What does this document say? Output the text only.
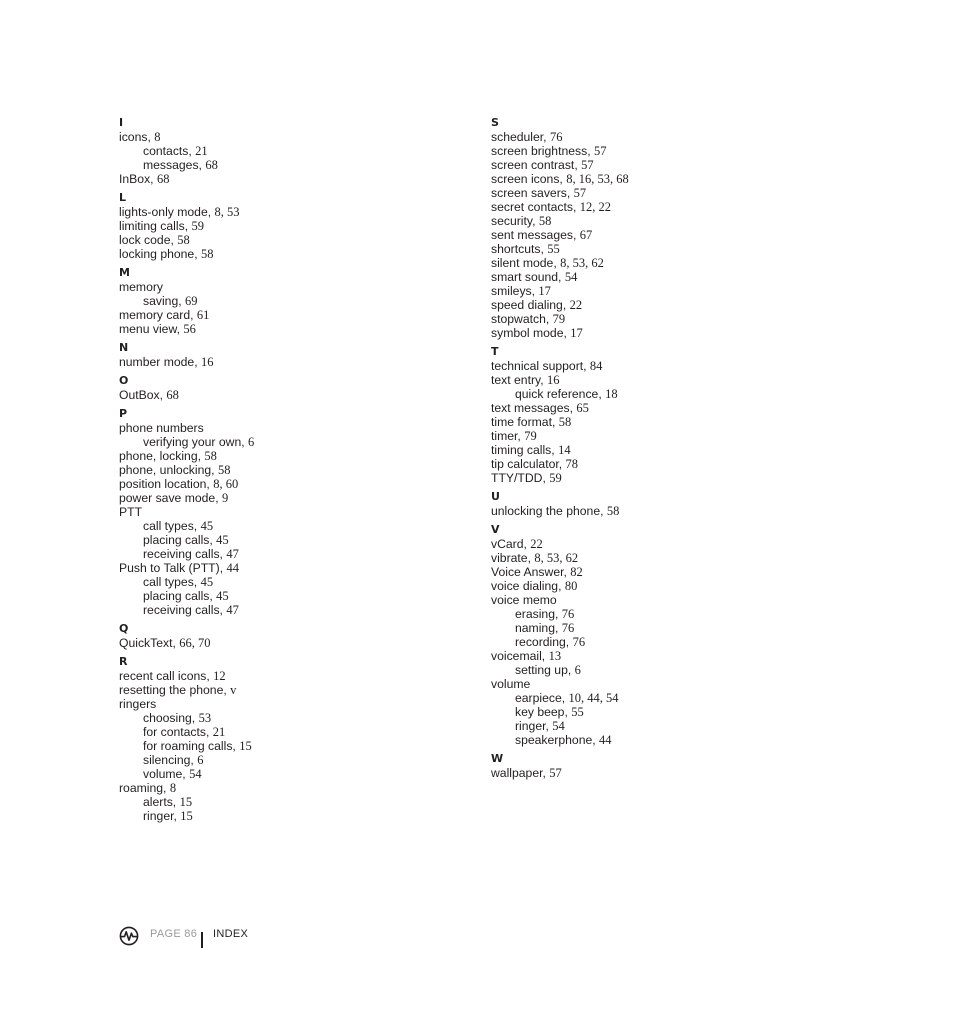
I
icons, 8
contacts, 21
messages, 68
InBox, 68
L
lights-only mode, 8, 53
limiting calls, 59
lock code, 58
locking phone, 58
M
memory
saving, 69
memory card, 61
menu view, 56
N
number mode, 16
O
OutBox, 68
P
phone numbers
verifying your own, 6
phone, locking, 58
phone, unlocking, 58
position location, 8, 60
power save mode, 9
PTT
call types, 45
placing calls, 45
receiving calls, 47
Push to Talk (PTT), 44
call types, 45
placing calls, 45
receiving calls, 47
Q
QuickText, 66, 70
R
recent call icons, 12
resetting the phone, v
ringers
choosing, 53
for contacts, 21
for roaming calls, 15
silencing, 6
volume, 54
roaming, 8
alerts, 15
ringer, 15
S
scheduler, 76
screen brightness, 57
screen contrast, 57
screen icons, 8, 16, 53, 68
screen savers, 57
secret contacts, 12, 22
security, 58
sent messages, 67
shortcuts, 55
silent mode, 8, 53, 62
smart sound, 54
smileys, 17
speed dialing, 22
stopwatch, 79
symbol mode, 17
T
technical support, 84
text entry, 16
quick reference, 18
text messages, 65
time format, 58
timer, 79
timing calls, 14
tip calculator, 78
TTY/TDD, 59
U
unlocking the phone, 58
V
vCard, 22
vibrate, 8, 53, 62
Voice Answer, 82
voice dialing, 80
voice memo
erasing, 76
naming, 76
recording, 76
voicemail, 13
setting up, 6
volume
earpiece, 10, 44, 54
key beep, 55
ringer, 54
speakerphone, 44
W
wallpaper, 57
PAGE 86 INDEX
